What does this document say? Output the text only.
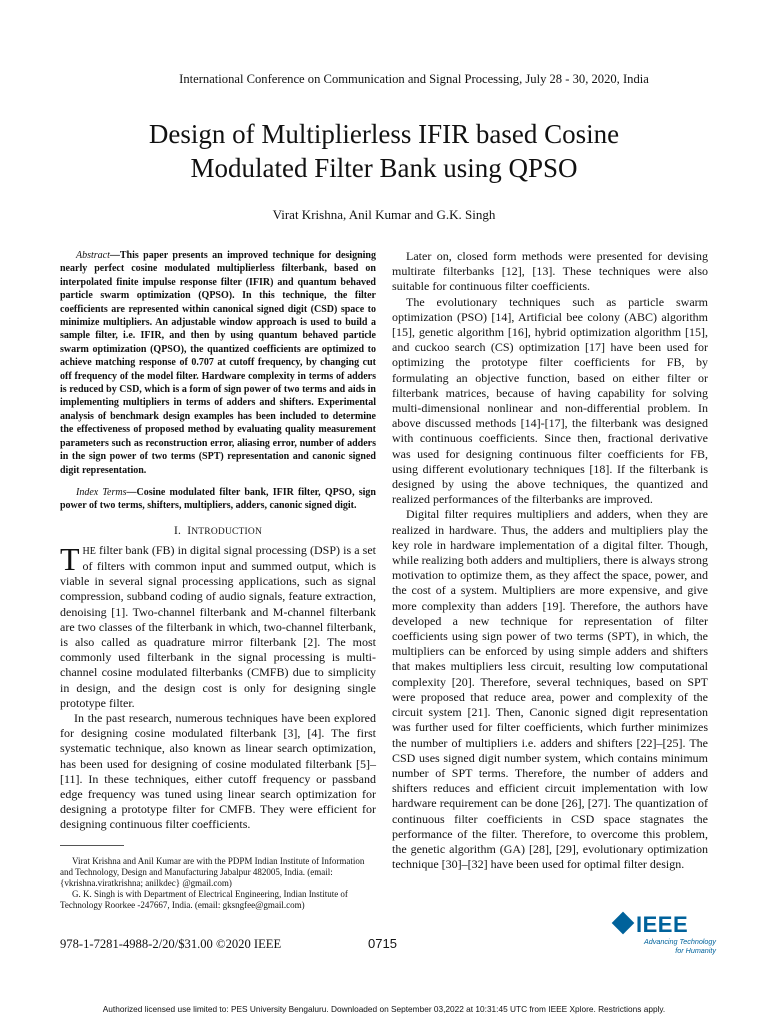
International Conference on Communication and Signal Processing, July 28 - 30, 2020, India
Design of Multiplierless IFIR based Cosine
Modulated Filter Bank using QPSO
Virat Krishna, Anil Kumar and G.K. Singh

Abstract—This paper presents an improved technique for designing nearly perfect cosine modulated multiplierless filterbank, based on interpolated finite impulse response filter (IFIR) and quantum behaved particle swarm optimization (QPSO). In this technique, the filter coefficients are represented within canonical signed digit (CSD) space to minimize multipliers. An adjustable window approach is used to build a sample filter, i.e. IFIR, and then by using quantum behaved particle swarm optimization (QPSO), the quantized coefficients are optimized to achieve matching response of 0.707 at cutoff frequency, by changing cut off frequency of the model filter. Hardware complexity in terms of adders is reduced by CSD, which is a form of sign power of two terms and aids in implementing multipliers in terms of adders and shifters. Experimental analysis of benchmark design examples has been included to determine the effectiveness of proposed method by evaluating quality measurement parameters such as reconstruction error, aliasing error, number of adders in the sign power of two terms (SPT) representation and canonic signed digit representation.

Index Terms—Cosine modulated filter bank, IFIR filter, QPSO, sign power of two terms, shifters, multipliers, adders, canonic signed digit.

I. INTRODUCTION

THE filter bank (FB) in digital signal processing (DSP) is a set of filters with common input and summed output, which is viable in several signal processing applications, such as signal compression, subband coding of audio signals, feature extraction, denoising [1]. Two-channel filterbank and M-channel filterbank are two classes of the filterbank in which, two-channel filterbank, is also called as quadrature mirror filterbank [2]. The most commonly used filterbank in the signal processing is multi-channel cosine modulated filterbanks (CMFB) due to simplicity in design, and the design cost is only for designing single prototype filter.

In the past research, numerous techniques have been explored for designing cosine modulated filterbank [3], [4]. The first systematic technique, also known as linear search optimization, has been used for designing of cosine modulated filterbank [5]–[11]. In these techniques, either cutoff frequency or passband edge frequency was tuned using linear search optimization for designing a prototype filter for CMFB. They were efficient for designing continuous filter coefficients.

Virat Krishna and Anil Kumar are with the PDPM Indian Institute of Information and Technology, Design and Manufacturing Jabalpur 482005, India. (email: {vkrishna.viratkrishna; anilkdec} @gmail.com)

G. K. Singh is with Department of Electrical Engineering, Indian Institute of Technology Roorkee -247667, India. (email: gksngfee@gmail.com)

Later on, closed form methods were presented for devising multirate filterbanks [12], [13]. These techniques were also suitable for continuous filter coefficients.

The evolutionary techniques such as particle swarm optimization (PSO) [14], Artificial bee colony (ABC) algorithm [15], genetic algorithm [16], hybrid optimization algorithm [15], and cuckoo search (CS) optimization [17] have been used for optimizing the prototype filter coefficients for FB, by formulating an objective function, based on either filter or filterbank matrices, because of having capability for solving multi-dimensional nonlinear and non-differential problem. In above discussed methods [14]-[17], the filterbank was designed with continuous coefficients. Since then, fractional derivative was used for designing continuous filter coefficients for FB, using different evolutionary techniques [18]. If the filterbank is designed by using the above techniques, the quantized and realized performances of the filterbanks are improved.

Digital filter requires multipliers and adders, when they are realized in hardware. Thus, the adders and multipliers play the key role in hardware implementation of a digital filter. Though, while realizing both adders and multipliers, there is always strong motivation to optimize them, as they affect the space, power, and the cost of a system. Multipliers are more expensive, and give more complexity than adders [19]. Therefore, the authors have developed a new technique for representation of filter coefficients using sign power of two terms (SPT), in which, the multipliers can be enforced by using simple adders and shifters that makes multipliers less circuit, resulting low computational complexity [20]. Therefore, several techniques, based on SPT were proposed that reduce area, power and complexity of the circuit system [21]. Then, Canonic signed digit representation was further used for filter coefficients, which further minimizes the number of multipliers i.e. adders and shifters [22]–[25]. The CSD uses signed digit number system, which contains minimum number of SPT terms. Therefore, the number of adders and shifters reduces and efficient circuit implementation with low hardware requirement can be done [26], [27]. The quantization of continuous filter coefficients in CSD space stagnates the performance of the filter. Therefore, to overcome this problem, the genetic algorithm (GA) [28], [29], evolutionary optimization technique [30]–[32] have been used for optimal filter design.

978-1-7281-4988-2/20/$31.00 ©2020 IEEE	0715
IEEE
Advancing Technology
for Humanity
Authorized licensed use limited to: PES University Bengaluru. Downloaded on September 03,2022 at 10:31:45 UTC from IEEE Xplore. Restrictions apply.
